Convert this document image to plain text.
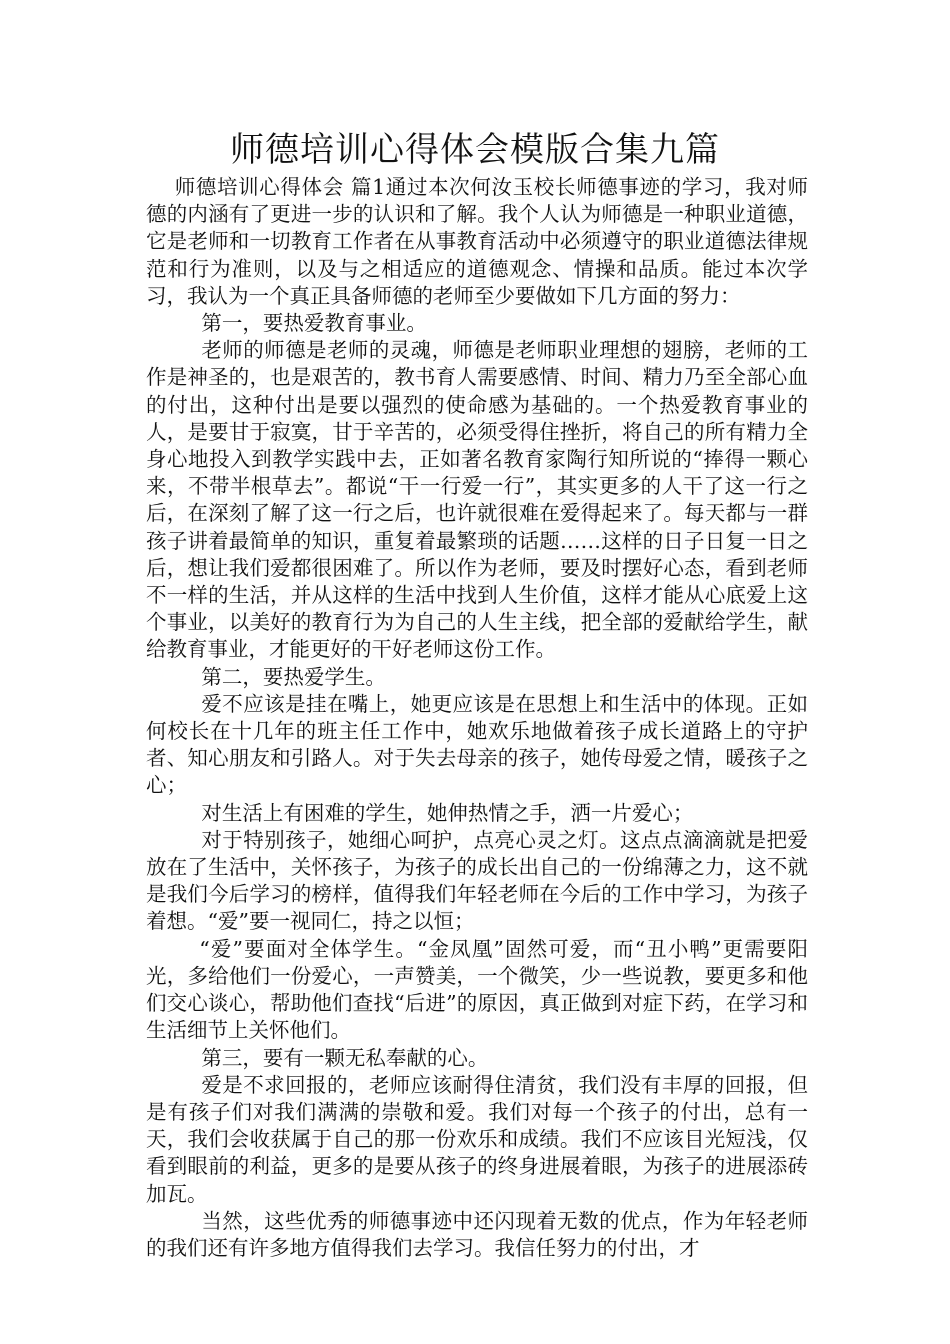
师德培训心得体会模版合集九篇

师德培训心得体会 篇1通过本次何汝玉校长师德事迹的学习，我对师德的内涵有了更进一步的认识和了解。我个人认为师德是一种职业道德，它是老师和一切教育工作者在从事教育活动中必须遵守的职业道德法律规范和行为准则，以及与之相适应的道德观念、情操和品质。能过本次学习，我认为一个真正具备师德的老师至少要做如下几方面的努力：

第一，要热爱教育事业。

老师的师德是老师的灵魂，师德是老师职业理想的翅膀，老师的工作是神圣的，也是艰苦的，教书育人需要感情、时间、精力乃至全部心血的付出，这种付出是要以强烈的使命感为基础的。一个热爱教育事业的人，是要甘于寂寞，甘于辛苦的，必须受得住挫折，将自己的所有精力全身心地投入到教学实践中去，正如著名教育家陶行知所说的“捧得一颗心来，不带半根草去”。都说“干一行爱一行”，其实更多的人干了这一行之后，在深刻了解了这一行之后，也许就很难在爱得起来了。每天都与一群孩子讲着最简单的知识，重复着最繁琐的话题……这样的日子日复一日之后，想让我们爱都很困难了。所以作为老师，要及时摆好心态，看到老师不一样的生活，并从这样的生活中找到人生价值，这样才能从心底爱上这个事业，以美好的教育行为为自己的人生主线，把全部的爱献给学生，献给教育事业，才能更好的干好老师这份工作。

第二，要热爱学生。

爱不应该是挂在嘴上，她更应该是在思想上和生活中的体现。正如何校长在十几年的班主任工作中，她欢乐地做着孩子成长道路上的守护者、知心朋友和引路人。对于失去母亲的孩子，她传母爱之情，暖孩子之心；

对生活上有困难的学生，她伸热情之手，洒一片爱心；

对于特别孩子，她细心呵护，点亮心灵之灯。这点点滴滴就是把爱放在了生活中，关怀孩子，为孩子的成长出自己的一份绵薄之力，这不就是我们今后学习的榜样，值得我们年轻老师在今后的工作中学习，为孩子着想。“爱”要一视同仁，持之以恒；

“爱”要面对全体学生。“金凤凰”固然可爱，而“丑小鸭”更需要阳光，多给他们一份爱心，一声赞美，一个微笑，少一些说教，要更多和他们交心谈心，帮助他们查找“后进”的原因，真正做到对症下药，在学习和生活细节上关怀他们。

第三，要有一颗无私奉献的心。

爱是不求回报的，老师应该耐得住清贫，我们没有丰厚的回报，但是有孩子们对我们满满的崇敬和爱。我们对每一个孩子的付出，总有一天，我们会收获属于自己的那一份欢乐和成绩。我们不应该目光短浅，仅看到眼前的利益，更多的是要从孩子的终身进展着眼，为孩子的进展添砖加瓦。

当然，这些优秀的师德事迹中还闪现着无数的优点，作为年轻老师的我们还有许多地方值得我们去学习。我信任努力的付出，才
